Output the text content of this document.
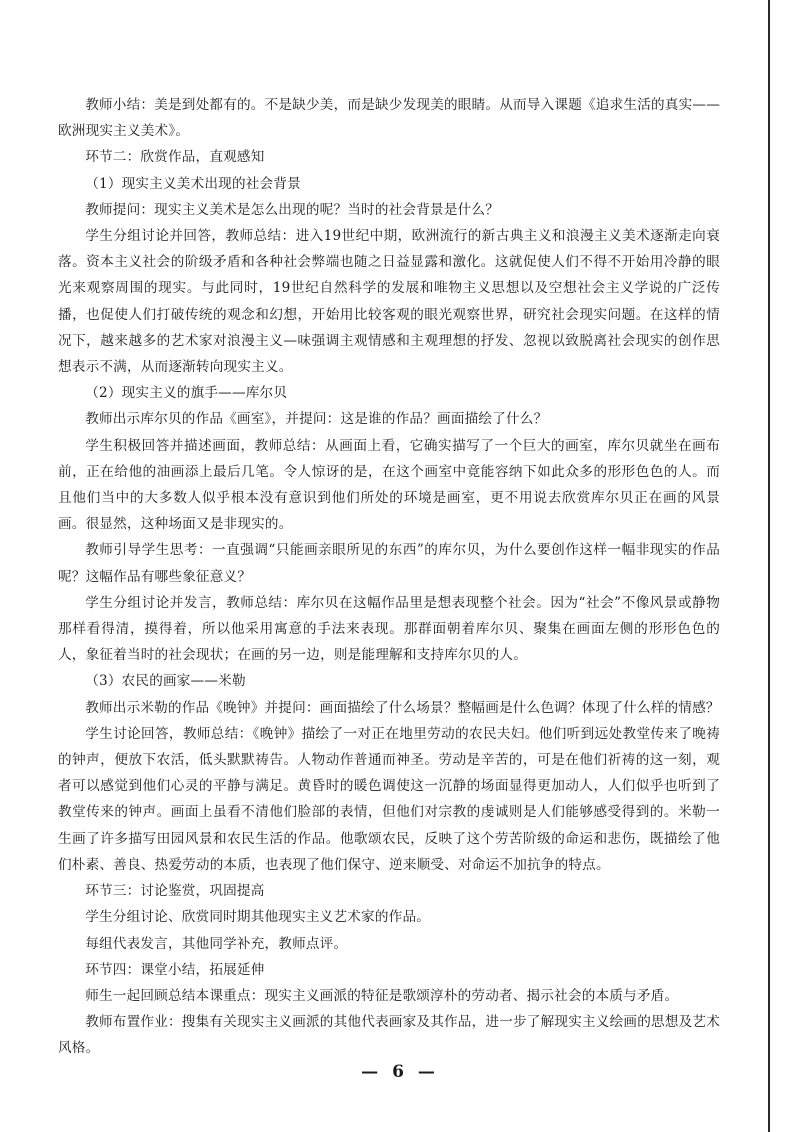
教师小结：美是到处都有的。不是缺少美，而是缺少发现美的眼睛。从而导入课题《追求生活的真实——欧洲现实主义美术》。

环节二：欣赏作品，直观感知

（1）现实主义美术出现的社会背景

教师提问：现实主义美术是怎么出现的呢？当时的社会背景是什么？

学生分组讨论并回答，教师总结：进入19世纪中期，欧洲流行的新古典主义和浪漫主义美术逐渐走向衰落。资本主义社会的阶级矛盾和各种社会弊端也随之日益显露和激化。这就促使人们不得不开始用冷静的眼光来观察周围的现实。与此同时，19世纪自然科学的发展和唯物主义思想以及空想社会主义学说的广泛传播，也促使人们打破传统的观念和幻想，开始用比较客观的眼光观察世界，研究社会现实问题。在这样的情况下，越来越多的艺术家对浪漫主义—味强调主观情感和主观理想的抒发、忽视以致脱离社会现实的创作思想表示不满，从而逐渐转向现实主义。

（2）现实主义的旗手——库尔贝

教师出示库尔贝的作品《画室》，并提问：这是谁的作品？画面描绘了什么？

学生积极回答并描述画面，教师总结：从画面上看，它确实描写了一个巨大的画室，库尔贝就坐在画布前，正在给他的油画添上最后几笔。令人惊讶的是，在这个画室中竟能容纳下如此众多的形形色色的人。而且他们当中的大多数人似乎根本没有意识到他们所处的环境是画室，更不用说去欣赏库尔贝正在画的风景画。很显然，这种场面又是非现实的。

教师引导学生思考：一直强调“只能画亲眼所见的东西”的库尔贝，为什么要创作这样一幅非现实的作品呢？这幅作品有哪些象征意义？

学生分组讨论并发言，教师总结：库尔贝在这幅作品里是想表现整个社会。因为“社会”不像风景或静物那样看得清，摸得着，所以他采用寓意的手法来表现。那群面朝着库尔贝、聚集在画面左侧的形形色色的人，象征着当时的社会现状；在画的另一边，则是能理解和支持库尔贝的人。

（3）农民的画家——米勒

教师出示米勒的作品《晚钟》并提问：画面描绘了什么场景？整幅画是什么色调？体现了什么样的情感？

学生讨论回答，教师总结：《晚钟》描绘了一对正在地里劳动的农民夫妇。他们听到远处教堂传来了晚祷的钟声，便放下农活，低头默默祷告。人物动作普通而神圣。劳动是辛苦的，可是在他们祈祷的这一刻，观者可以感觉到他们心灵的平静与满足。黄昏时的暖色调使这一沉静的场面显得更加动人，人们似乎也听到了教堂传来的钟声。画面上虽看不清他们脸部的表情，但他们对宗教的虔诚则是人们能够感受得到的。米勒一生画了许多描写田园风景和农民生活的作品。他歌颂农民，反映了这个劳苦阶级的命运和悲伤，既描绘了他们朴素、善良、热爱劳动的本质，也表现了他们保守、逆来顺受、对命运不加抗争的特点。

环节三：讨论鉴赏，巩固提高

学生分组讨论、欣赏同时期其他现实主义艺术家的作品。

每组代表发言，其他同学补充，教师点评。

环节四：课堂小结，拓展延伸

师生一起回顾总结本课重点：现实主义画派的特征是歌颂淳朴的劳动者、揭示社会的本质与矛盾。

教师布置作业：搜集有关现实主义画派的其他代表画家及其作品，进一步了解现实主义绘画的思想及艺术风格。

— 6 —
